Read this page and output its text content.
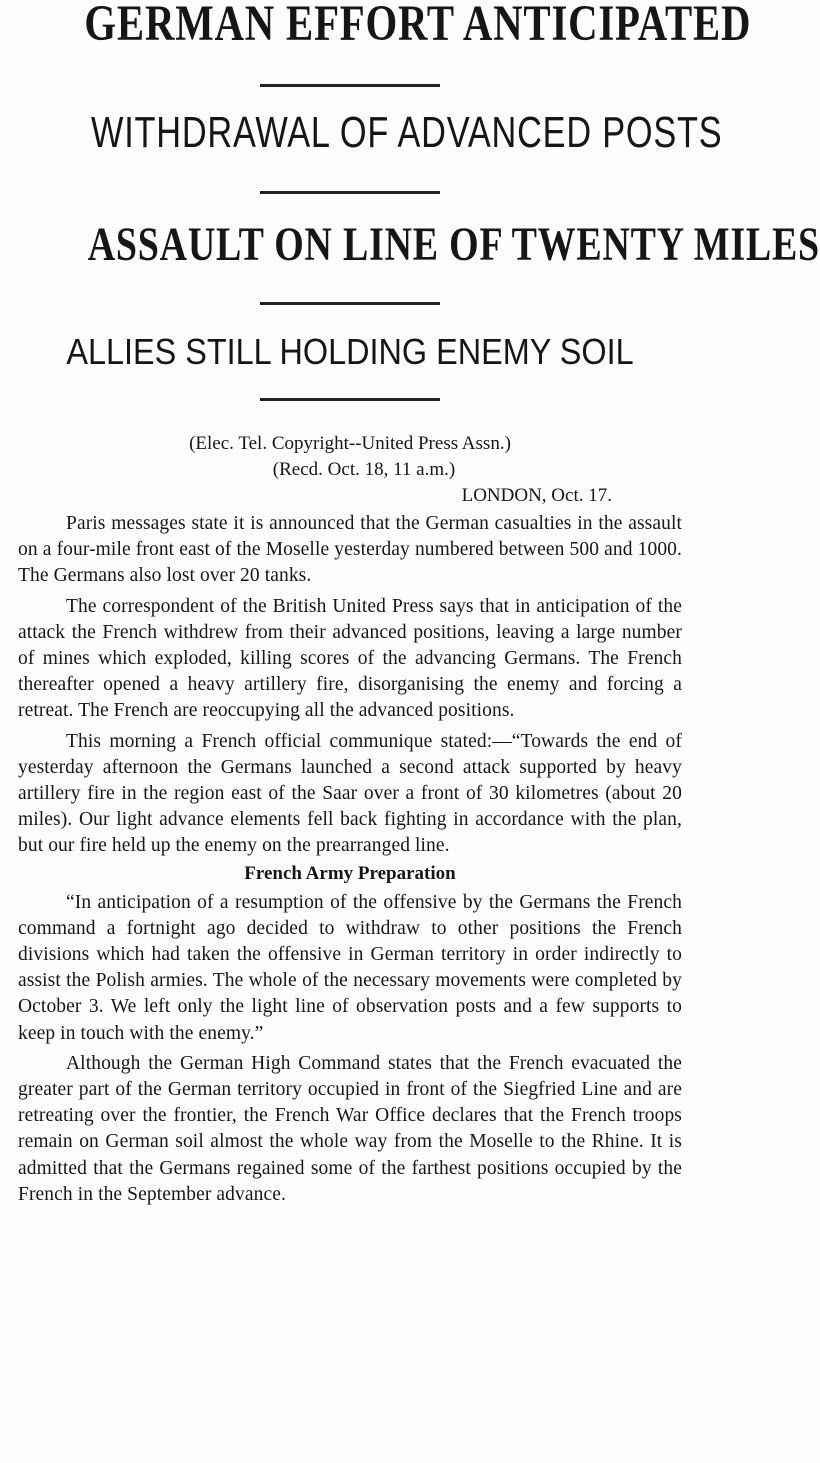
GERMAN EFFORT ANTICIPATED
WITHDRAWAL OF ADVANCED POSTS
ASSAULT ON LINE OF TWENTY MILES
ALLIES STILL HOLDING ENEMY SOIL
(Elec. Tel. Copyright--United Press Assn.)
(Recd. Oct. 18, 11 a.m.)
LONDON, Oct. 17.

Paris messages state it is announced that the German casualties in the assault on a four-mile front east of the Moselle yesterday numbered between 500 and 1000. The Germans also lost over 20 tanks.

The correspondent of the British United Press says that in anticipation of the attack the French withdrew from their advanced positions, leaving a large number of mines which exploded, killing scores of the advancing Germans. The French thereafter opened a heavy artillery fire, disorganising the enemy and forcing a retreat. The French are reoccupying all the advanced positions.

This morning a French official communique stated:—“Towards the end of yesterday afternoon the Germans launched a second attack supported by heavy artillery fire in the region east of the Saar over a front of 30 kilometres (about 20 miles). Our light advance elements fell back fighting in accordance with the plan, but our fire held up the enemy on the prearranged line.

French Army Preparation

“In anticipation of a resumption of the offensive by the Germans the French command a fortnight ago decided to withdraw to other positions the French divisions which had taken the offensive in German territory in order indirectly to assist the Polish armies. The whole of the necessary movements were completed by October 3. We left only the light line of observation posts and a few supports to keep in touch with the enemy.”

Although the German High Command states that the French evacuated the greater part of the German territory occupied in front of the Siegfried Line and are retreating over the frontier, the French War Office declares that the French troops remain on German soil almost the whole way from the Moselle to the Rhine. It is admitted that the Germans regained some of the farthest positions occupied by the French in the September advance.
